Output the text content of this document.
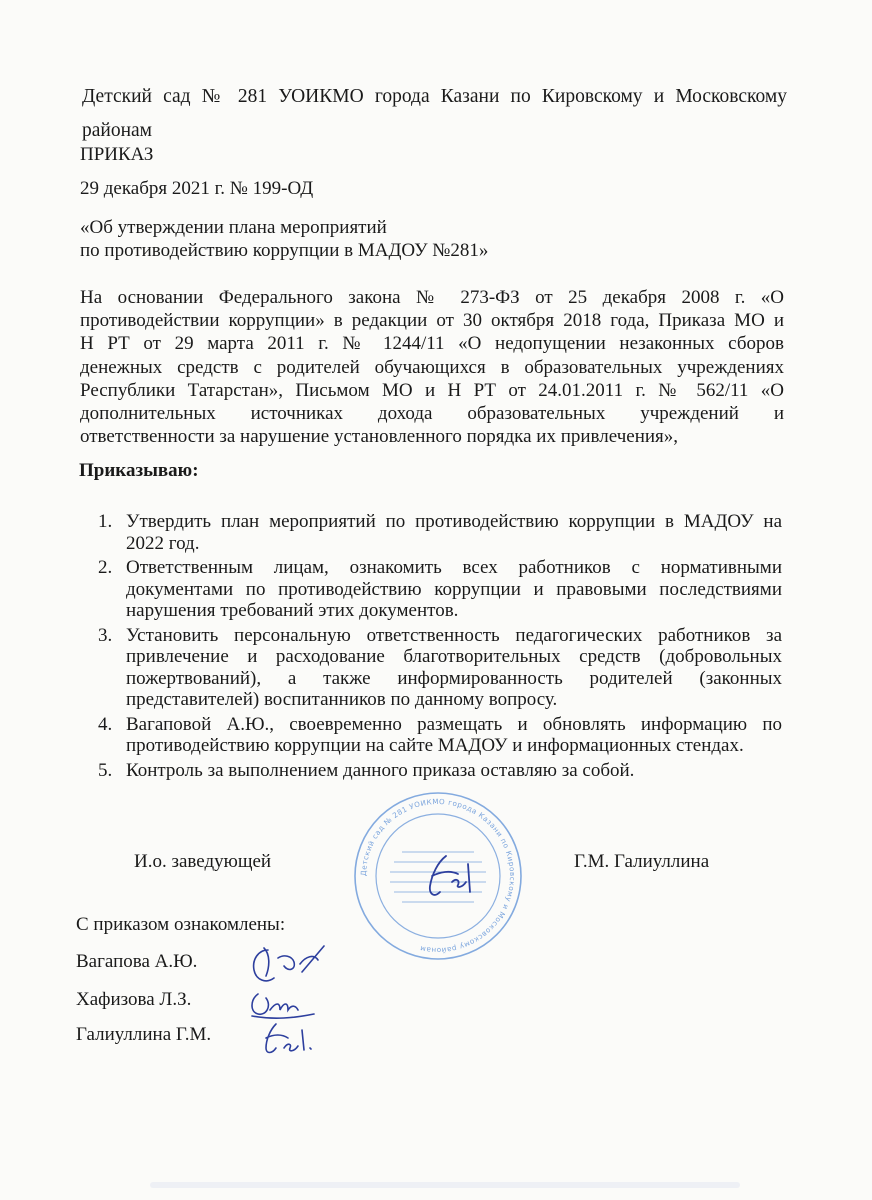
Детский сад № 281 УОИКМО города Казани по Кировскому и Московскому
районам
ПРИКАЗ
29 декабря 2021 г. № 199-ОД
«Об утверждении плана мероприятий
по противодействию коррупции в МАДОУ №281»
На основании Федерального закона № 273-ФЗ от 25 декабря 2008 г. «О
противодействии коррупции» в редакции от 30 октября 2018 года, Приказа МО и
Н РТ от 29 марта 2011 г. № 1244/11 «О недопущении незаконных сборов
денежных средств с родителей обучающихся в образовательных учреждениях
Республики Татарстан», Письмом МО и Н РТ от 24.01.2011 г. № 562/11 «О
дополнительных источниках дохода образовательных учреждений и
ответственности за нарушение установленного порядка их привлечения»,
Приказываю:
1. Утвердить план мероприятий по противодействию коррупции в МАДОУ на 2022 год.
2. Ответственным лицам, ознакомить всех работников с нормативными документами по противодействию коррупции и правовыми последствиями нарушения требований этих документов.
3. Установить персональную ответственность педагогических работников за привлечение и расходование благотворительных средств (добровольных пожертвований), а также информированность родителей (законных представителей) воспитанников по данному вопросу.
4. Вагаповой А.Ю., своевременно размещать и обновлять информацию по противодействию коррупции на сайте МАДОУ и информационных стендах.
5. Контроль за выполнением данного приказа оставляю за собой.
Детский сад № 281 УОИКМО города Казани по Кировскому и Московскому районам
И.о. заведующей	Г.М. Галиуллина
С приказом ознакомлены:
Вагапова А.Ю.
Хафизова Л.З.
Галиуллина Г.М.
